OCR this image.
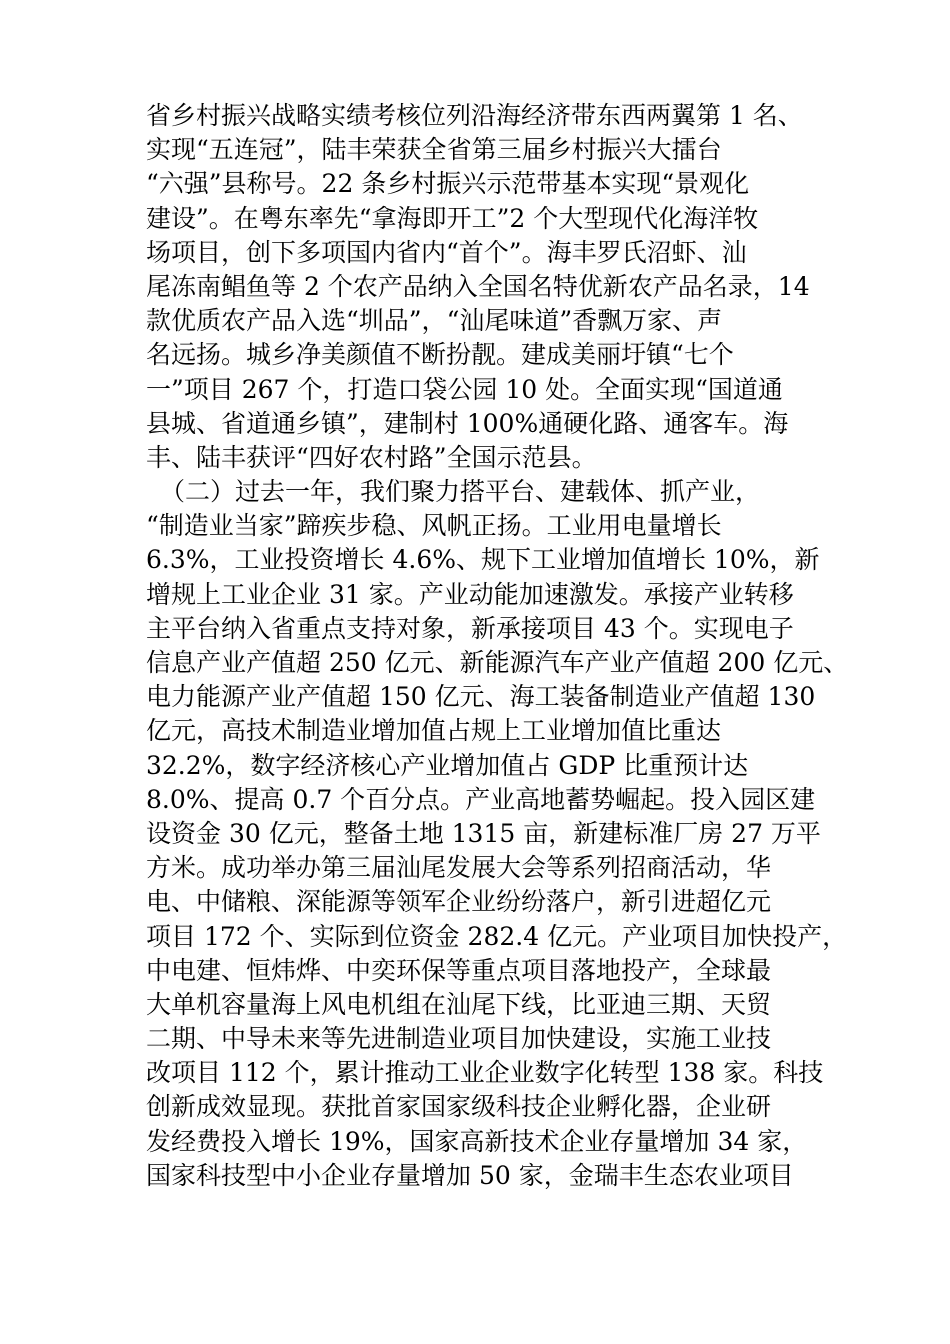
省乡村振兴战略实绩考核位列沿海经济带东西两翼第 1 名、
实现“五连冠”，陆丰荣获全省第三届乡村振兴大擂台
“六强”县称号。22 条乡村振兴示范带基本实现“景观化
建设”。在粤东率先“拿海即开工”2 个大型现代化海洋牧
场项目，创下多项国内省内“首个”。海丰罗氏沼虾、汕
尾冻南鲳鱼等 2 个农产品纳入全国名特优新农产品名录，14
款优质农产品入选“圳品”，“汕尾味道”香飘万家、声
名远扬。城乡净美颜值不断扮靓。建成美丽圩镇“七个
一”项目 267 个，打造口袋公园 10 处。全面实现“国道通
县城、省道通乡镇”，建制村 100%通硬化路、通客车。海
丰、陆丰获评“四好农村路”全国示范县。
（二）过去一年，我们聚力搭平台、建载体、抓产业，
“制造业当家”蹄疾步稳、风帆正扬。工业用电量增长
6.3%，工业投资增长 4.6%、规下工业增加值增长 10%，新
增规上工业企业 31 家。产业动能加速激发。承接产业转移
主平台纳入省重点支持对象，新承接项目 43 个。实现电子
信息产业产值超 250 亿元、新能源汽车产业产值超 200 亿元、
电力能源产业产值超 150 亿元、海工装备制造业产值超 130
亿元，高技术制造业增加值占规上工业增加值比重达
32.2%，数字经济核心产业增加值占 GDP 比重预计达
8.0%、提高 0.7 个百分点。产业高地蓄势崛起。投入园区建
设资金 30 亿元，整备土地 1315 亩，新建标准厂房 27 万平
方米。成功举办第三届汕尾发展大会等系列招商活动，华
电、中储粮、深能源等领军企业纷纷落户，新引进超亿元
项目 172 个、实际到位资金 282.4 亿元。产业项目加快投产，
中电建、恒炜烨、中奕环保等重点项目落地投产，全球最
大单机容量海上风电机组在汕尾下线，比亚迪三期、天贸
二期、中导未来等先进制造业项目加快建设，实施工业技
改项目 112 个，累计推动工业企业数字化转型 138 家。科技
创新成效显现。获批首家国家级科技企业孵化器，企业研
发经费投入增长 19%，国家高新技术企业存量增加 34 家，
国家科技型中小企业存量增加 50 家，金瑞丰生态农业项目
